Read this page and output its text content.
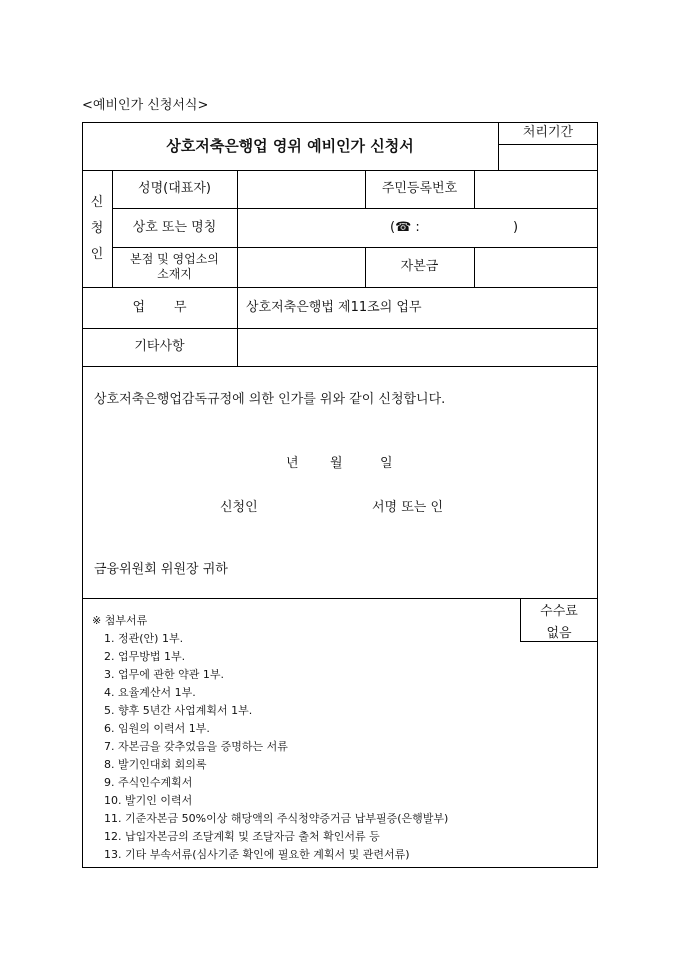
<예비인가 신청서식>
상호저축은행업 영위 예비인가 신청서
처리기간
신
청
인
성명(대표자)	주민등록번호
상호 또는 명칭	(☎ :	)
본점 및 영업소의
소재지	자본금
업       무	상호저축은행법 제11조의 업무
기타사항
상호저축은행업감독규정에 의한 인가를 위와 같이 신청합니다.
년 월	일
신청인	서명 또는 인
금융위원회 위원장 귀하
수수료
없음
※ 첨부서류
1. 정관(안) 1부.
2. 업무방법 1부.
3. 업무에 관한 약관 1부.
4. 요율계산서 1부.
5. 향후 5년간 사업계획서 1부.
6. 임원의 이력서 1부.
7. 자본금을 갖추었음을 증명하는 서류
8. 발기인대회 회의록
9. 주식인수계획서
10. 발기인 이력서
11. 기준자본금 50%이상 해당액의 주식청약증거금 납부필증(은행발부)
12. 납입자본금의 조달계획 및 조달자금 출처 확인서류 등
13. 기타 부속서류(심사기준 확인에 필요한 계획서 및 관련서류)
